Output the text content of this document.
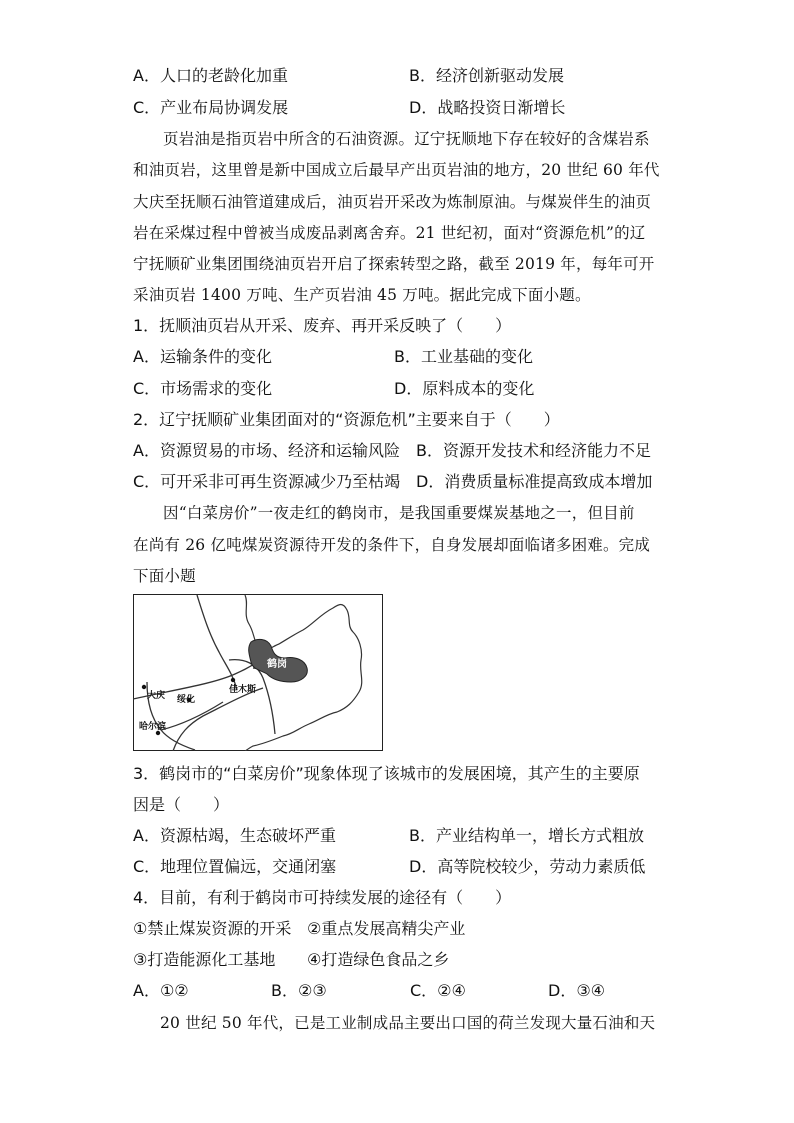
A．人口的老龄化加重	B．经济创新驱动发展
C．产业布局协调发展	D．战略投资日渐增长
页岩油是指页岩中所含的石油资源。辽宁抚顺地下存在较好的含煤岩系
和油页岩，这里曾是新中国成立后最早产出页岩油的地方，20 世纪 60 年代
大庆至抚顺石油管道建成后，油页岩开采改为炼制原油。与煤炭伴生的油页
岩在采煤过程中曾被当成废品剥离舍弃。21 世纪初，面对“资源危机”的辽
宁抚顺矿业集团围绕油页岩开启了探索转型之路，截至 2019 年，每年可开
采油页岩 1400 万吨、生产页岩油 45 万吨。据此完成下面小题。
1．抚顺油页岩从开采、废弃、再开采反映了（　　）
A．运输条件的变化	B．工业基础的变化
C．市场需求的变化	D．原料成本的变化
2．辽宁抚顺矿业集团面对的“资源危机”主要来自于（　　）
A．资源贸易的市场、经济和运输风险 B．资源开发技术和经济能力不足
C．可开采非可再生资源减少乃至枯竭 D．消费质量标准提高致成本增加
因“白菜房价”一夜走红的鹤岗市，是我国重要煤炭基地之一，但目前
在尚有 26 亿吨煤炭资源待开发的条件下，自身发展却面临诸多困难。完成
下面小题
鹤岗
佳木斯
大庆 绥化
哈尔滨
3．鹤岗市的“白菜房价”现象体现了该城市的发展困境，其产生的主要原
因是（　　）
A．资源枯竭，生态破坏严重	B．产业结构单一，增长方式粗放
C．地理位置偏远，交通闭塞	D．高等院校较少，劳动力素质低
4．目前，有利于鹤岗市可持续发展的途径有（　　）
①禁止煤炭资源的开采 ②重点发展高精尖产业
③打造能源化工基地 ④打造绿色食品之乡
A．①②	B．②③	C．②④	D．③④
20 世纪 50 年代，已是工业制成品主要出口国的荷兰发现大量石油和天
